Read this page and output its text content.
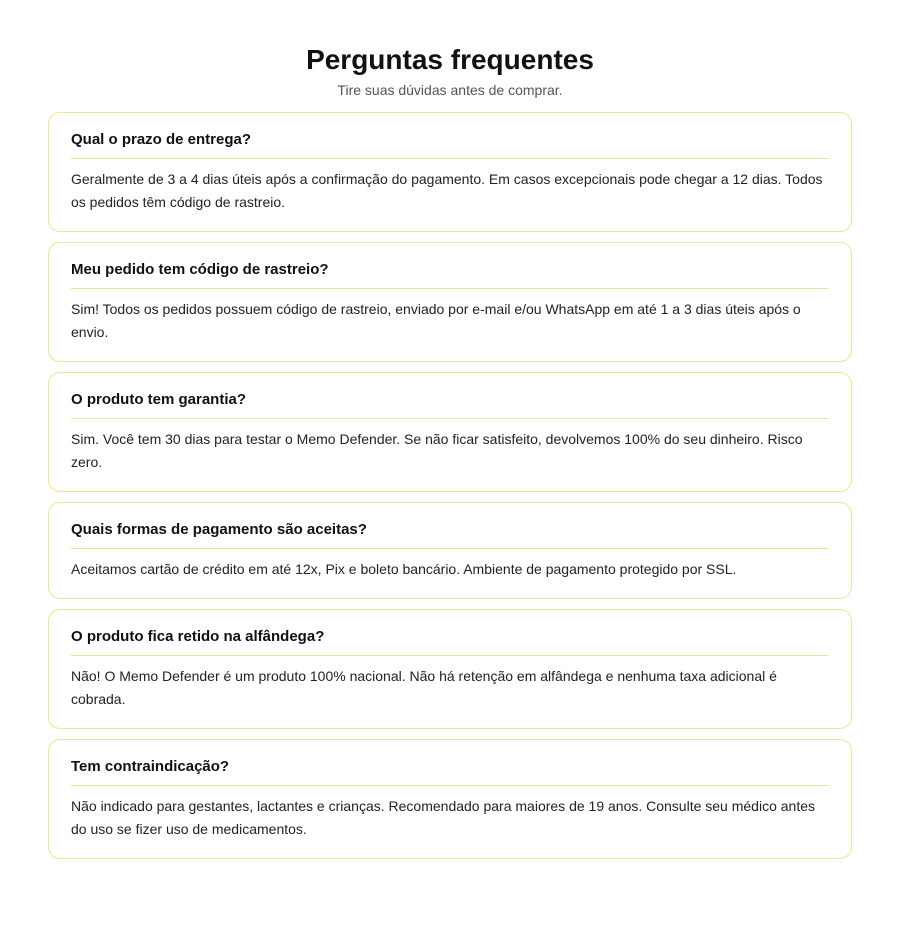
Perguntas frequentes

Tire suas dúvidas antes de comprar.

Qual o prazo de entrega?
Geralmente de 3 a 4 dias úteis após a confirmação do pagamento. Em casos excepcionais pode chegar a 12 dias. Todos os pedidos têm código de rastreio.
Meu pedido tem código de rastreio?
Sim! Todos os pedidos possuem código de rastreio, enviado por e-mail e/ou WhatsApp em até 1 a 3 dias úteis após o envio.
O produto tem garantia?
Sim. Você tem 30 dias para testar o Memo Defender. Se não ficar satisfeito, devolvemos 100% do seu dinheiro. Risco zero.
Quais formas de pagamento são aceitas?
Aceitamos cartão de crédito em até 12x, Pix e boleto bancário. Ambiente de pagamento protegido por SSL.
O produto fica retido na alfândega?
Não! O Memo Defender é um produto 100% nacional. Não há retenção em alfândega e nenhuma taxa adicional é cobrada.
Tem contraindicação?
Não indicado para gestantes, lactantes e crianças. Recomendado para maiores de 19 anos. Consulte seu médico antes do uso se fizer uso de medicamentos.
